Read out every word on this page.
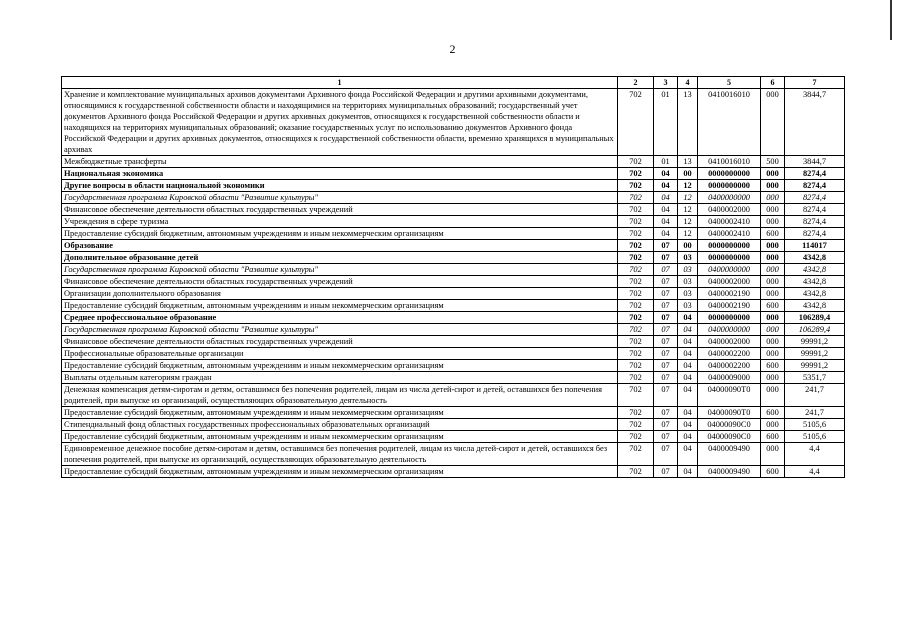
2
1	2	3	4	5	6	7
Хранение и комплектование муниципальных архивов документами Архивного фонда Российской Федерации и другими архивными документами, относящимися к государственной собственности области и находящимися на территориях муниципальных образований; государственный учет документов Архивного фонда Российской Федерации и других архивных документов, относящихся к государственной собственности области и находящихся на территориях муниципальных образований; оказание государственных услуг по использованию документов Архивного фонда Российской Федерации и других архивных документов, относящихся к государственной собственности области, временно хранящихся в муниципальных архивах	702	01	13	0410016010	000	3844,7
Межбюджетные трансферты	702	01	13	0410016010	500	3844,7
Национальная экономика	702	04	00	0000000000	000	8274,4
Другие вопросы в области национальной экономики	702	04	12	0000000000	000	8274,4
Государственная программа Кировской области "Развитие культуры"	702	04	12	0400000000	000	8274,4
Финансовое обеспечение деятельности областных государственных учреждений	702	04	12	0400002000	000	8274,4
Учреждения в сфере туризма	702	04	12	0400002410	000	8274,4
Предоставление субсидий бюджетным, автономным учреждениям и иным некоммерческим организациям	702	04	12	0400002410	600	8274,4
Образование	702	07	00	0000000000	000	114017
Дополнительное образование детей	702	07	03	0000000000	000	4342,8
Государственная программа Кировской области "Развитие культуры"	702	07	03	0400000000	000	4342,8
Финансовое обеспечение деятельности областных государственных учреждений	702	07	03	0400002000	000	4342,8
Организации дополнительного образования	702	07	03	0400002190	000	4342,8
Предоставление субсидий бюджетным, автономным учреждениям и иным некоммерческим организациям	702	07	03	0400002190	600	4342,8
Среднее профессиональное образование	702	07	04	0000000000	000	106289,4
Государственная программа Кировской области "Развитие культуры"	702	07	04	0400000000	000	106289,4
Финансовое обеспечение деятельности областных государственных учреждений	702	07	04	0400002000	000	99991,2
Профессиональные образовательные организации	702	07	04	0400002200	000	99991,2
Предоставление субсидий бюджетным, автономным учреждениям и иным некоммерческим организациям	702	07	04	0400002200	600	99991,2
Выплаты отдельным категориям граждан	702	07	04	0400009000	000	5351,7
Денежная компенсация детям-сиротам и детям, оставшимся без попечения родителей, лицам из числа детей-сирот и детей, оставшихся без попечения родителей, при выпуске из организаций, осуществляющих образовательную деятельность	702	07	04	04000090Т0	000	241,7
Предоставление субсидий бюджетным, автономным учреждениям и иным некоммерческим организациям	702	07	04	04000090Т0	600	241,7
Стипендиальный фонд областных государственных профессиональных образовательных организаций	702	07	04	04000090С0	000	5105,6
Предоставление субсидий бюджетным, автономным учреждениям и иным некоммерческим организациям	702	07	04	04000090С0	600	5105,6
Единовременное денежное пособие детям-сиротам и детям, оставшимся без попечения родителей, лицам из числа детей-сирот и детей, оставшихся без попечения родителей, при выпуске из организаций, осуществляющих образовательную деятельность	702	07	04	0400009490	000	4,4
Предоставление субсидий бюджетным, автономным учреждениям и иным некоммерческим организациям	702	07	04	0400009490	600	4,4
